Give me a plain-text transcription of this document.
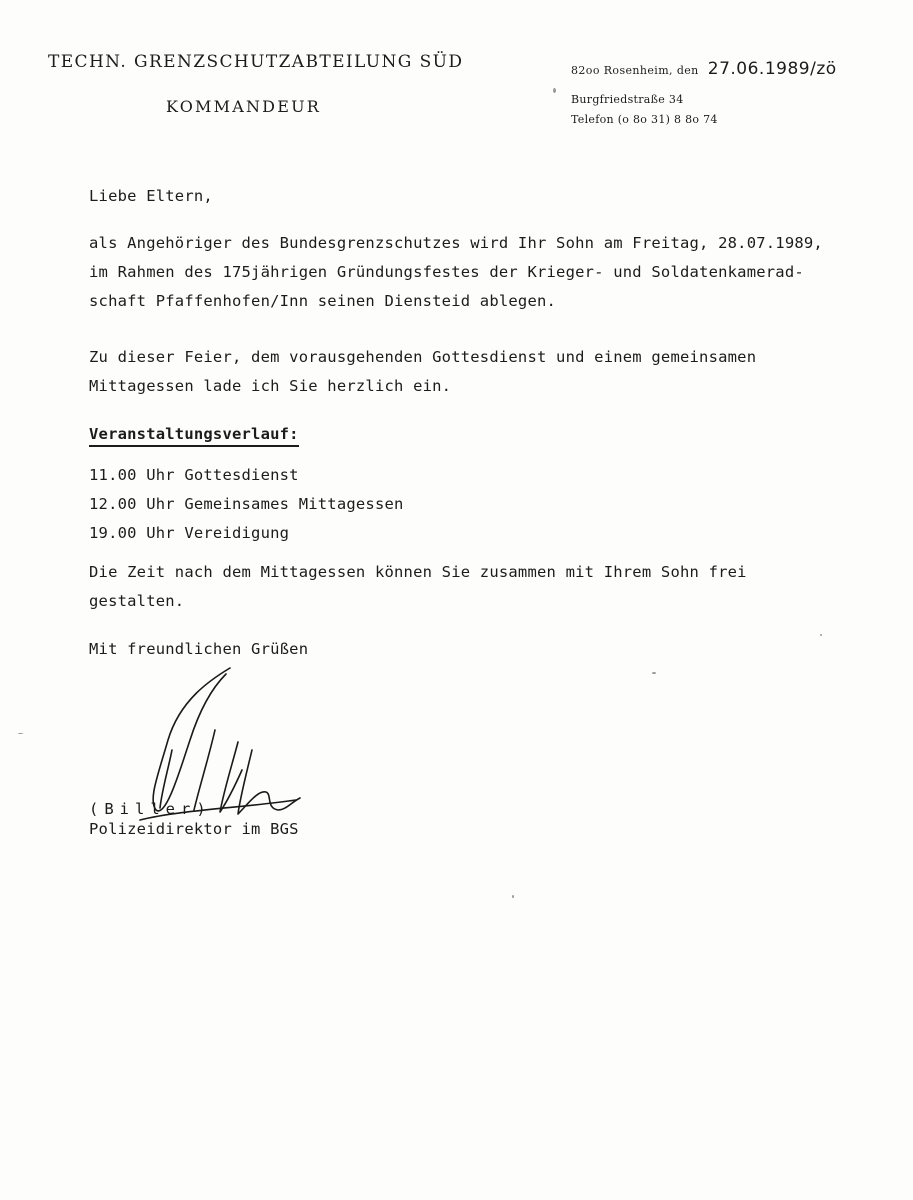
TECHN. GRENZSCHUTZABTEILUNG SÜD
KOMMANDEUR
82oo Rosenheim, den 27.06.1989/zö
Burgfriedstraße 34
Telefon (o 8o 31) 8 8o 74
Liebe Eltern,
als Angehöriger des Bundesgrenzschutzes wird Ihr Sohn am Freitag, 28.07.1989,
im Rahmen des 175jährigen Gründungsfestes der Krieger- und Soldatenkamerad-
schaft Pfaffenhofen/Inn seinen Diensteid ablegen.
Zu dieser Feier, dem vorausgehenden Gottesdienst und einem gemeinsamen
Mittagessen lade ich Sie herzlich ein.
Veranstaltungsverlauf:
11.00 Uhr Gottesdienst
12.00 Uhr Gemeinsames Mittagessen
19.00 Uhr Vereidigung
Die Zeit nach dem Mittagessen können Sie zusammen mit Ihrem Sohn frei
gestalten.
Mit freundlichen Grüßen
(Biller)
Polizeidirektor im BGS
